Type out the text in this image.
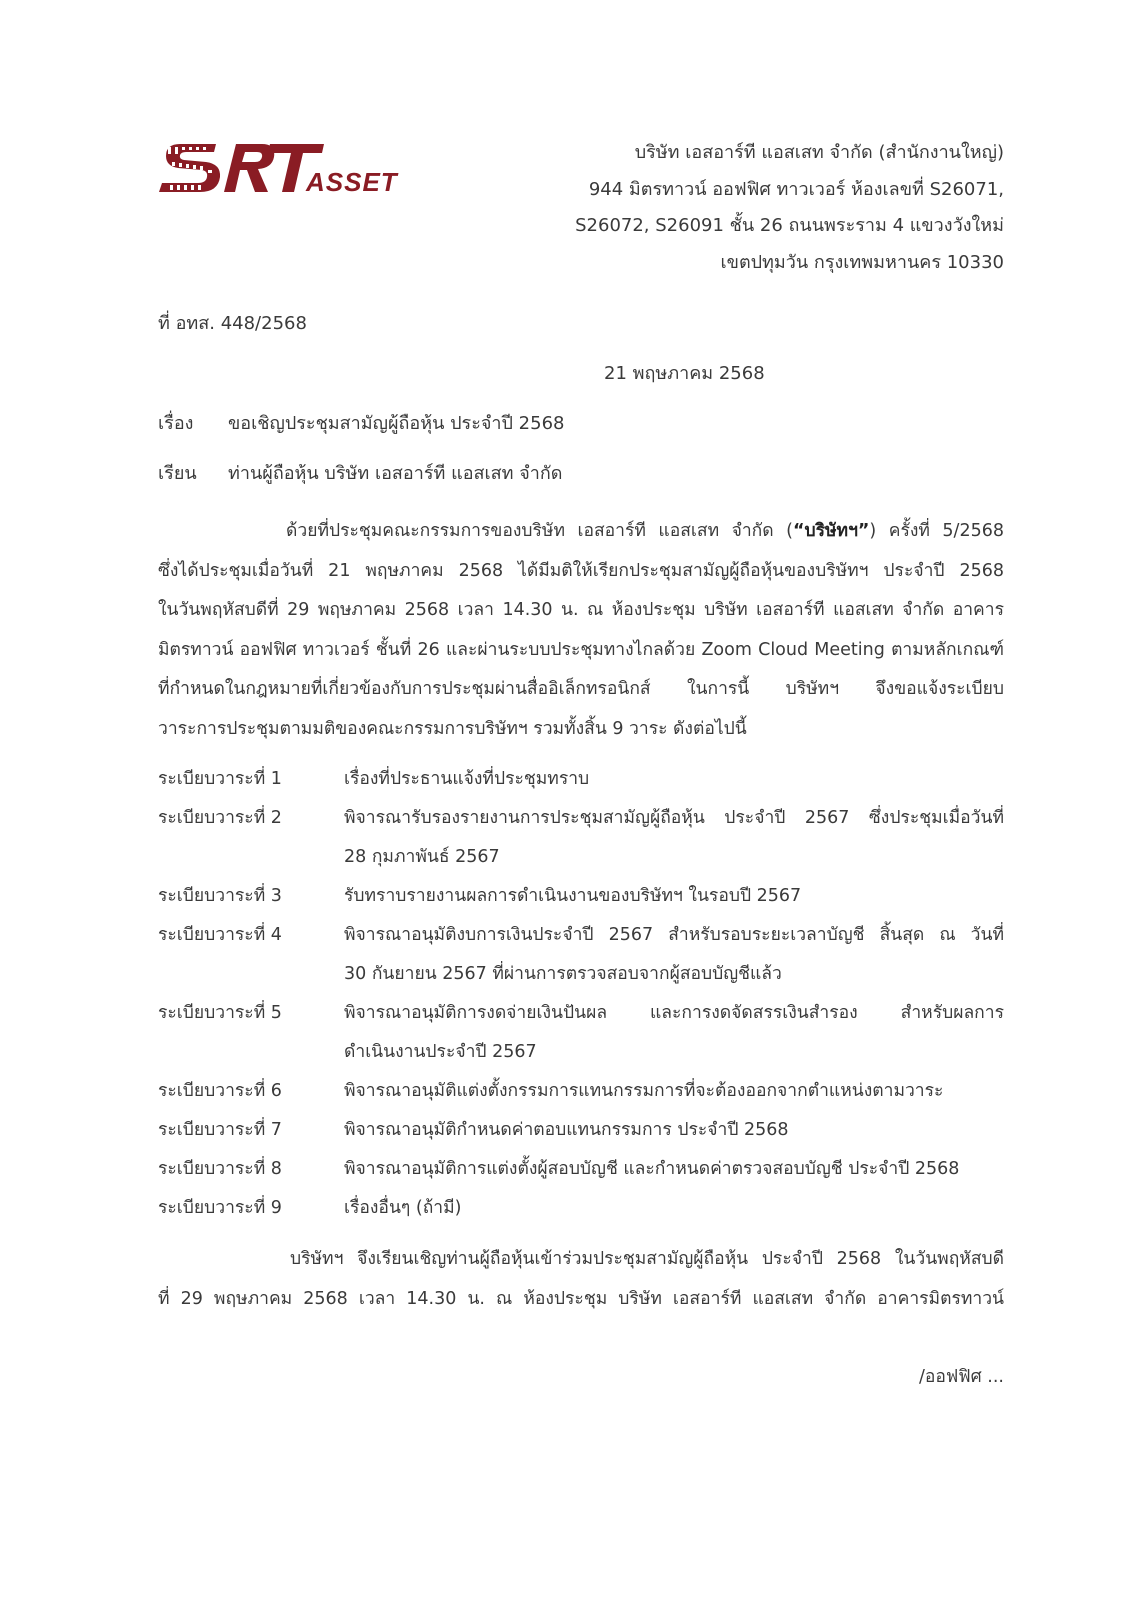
ASSET
บริษัท เอสอาร์ที แอสเสท จำกัด (สำนักงานใหญ่)
944 มิตรทาวน์ ออฟฟิศ ทาวเวอร์ ห้องเลขที่ S26071,
S26072, S26091 ชั้น 26 ถนนพระราม 4 แขวงวังใหม่
เขตปทุมวัน กรุงเทพมหานคร 10330
ที่ อทส. 448/2568
21 พฤษภาคม 2568
เรื่อง ขอเชิญประชุมสามัญผู้ถือหุ้น ประจำปี 2568
เรียน ท่านผู้ถือหุ้น บริษัท เอสอาร์ที แอสเสท จำกัด
ด้วยที่ประชุมคณะกรรมการของบริษัท เอสอาร์ที แอสเสท จำกัด (“บริษัทฯ”) ครั้งที่ 5/2568
ซึ่งได้ประชุมเมื่อวันที่ 21 พฤษภาคม 2568 ได้มีมติให้เรียกประชุมสามัญผู้ถือหุ้นของบริษัทฯ ประจำปี 2568
ในวันพฤหัสบดีที่ 29 พฤษภาคม 2568 เวลา 14.30 น. ณ ห้องประชุม บริษัท เอสอาร์ที แอสเสท จำกัด อาคาร
มิตรทาวน์ ออฟฟิศ ทาวเวอร์ ชั้นที่ 26 และผ่านระบบประชุมทางไกลด้วย Zoom Cloud Meeting ตามหลักเกณฑ์
ที่กำหนดในกฎหมายที่เกี่ยวข้องกับการประชุมผ่านสื่ออิเล็กทรอนิกส์ ในการนี้ บริษัทฯ จึงขอแจ้งระเบียบ
วาระการประชุมตามมติของคณะกรรมการบริษัทฯ รวมทั้งสิ้น 9 วาระ ดังต่อไปนี้
ระเบียบวาระที่ 1	เรื่องที่ประธานแจ้งที่ประชุมทราบ
ระเบียบวาระที่ 2	พิจารณารับรองรายงานการประชุมสามัญผู้ถือหุ้น ประจำปี 2567 ซึ่งประชุมเมื่อวันที่
28 กุมภาพันธ์ 2567
ระเบียบวาระที่ 3	รับทราบรายงานผลการดำเนินงานของบริษัทฯ ในรอบปี 2567
ระเบียบวาระที่ 4	พิจารณาอนุมัติงบการเงินประจำปี 2567 สำหรับรอบระยะเวลาบัญชี สิ้นสุด ณ วันที่
30 กันยายน 2567 ที่ผ่านการตรวจสอบจากผู้สอบบัญชีแล้ว
ระเบียบวาระที่ 5	พิจารณาอนุมัติการงดจ่ายเงินปันผล และการงดจัดสรรเงินสำรอง สำหรับผลการ
ดำเนินงานประจำปี 2567
ระเบียบวาระที่ 6	พิจารณาอนุมัติแต่งตั้งกรรมการแทนกรรมการที่จะต้องออกจากตำแหน่งตามวาระ
ระเบียบวาระที่ 7	พิจารณาอนุมัติกำหนดค่าตอบแทนกรรมการ ประจำปี 2568
ระเบียบวาระที่ 8	พิจารณาอนุมัติการแต่งตั้งผู้สอบบัญชี และกำหนดค่าตรวจสอบบัญชี ประจำปี 2568
ระเบียบวาระที่ 9	เรื่องอื่นๆ (ถ้ามี)
บริษัทฯ จึงเรียนเชิญท่านผู้ถือหุ้นเข้าร่วมประชุมสามัญผู้ถือหุ้น ประจำปี 2568 ในวันพฤหัสบดี
ที่ 29 พฤษภาคม 2568 เวลา 14.30 น. ณ ห้องประชุม บริษัท เอสอาร์ที แอสเสท จำกัด อาคารมิตรทาวน์
/ออฟฟิศ ...
